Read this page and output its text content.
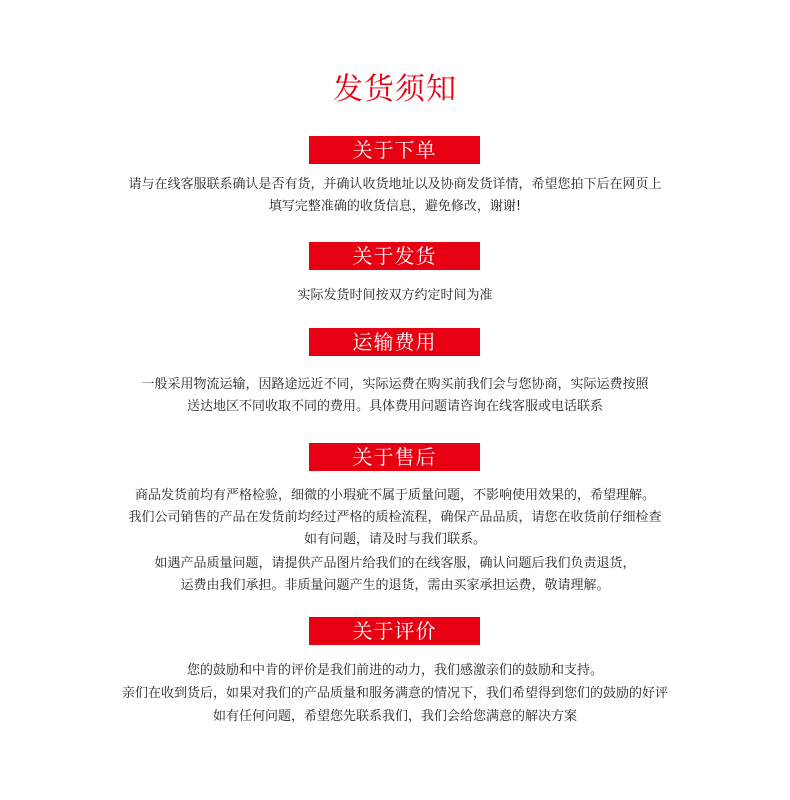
发货须知
关于下单
请与在线客服联系确认是否有货，并确认收货地址以及协商发货详情，希望您拍下后在网页上
填写完整准确的收货信息，避免修改，谢谢!
关于发货
实际发货时间按双方约定时间为准
运输费用
一般采用物流运输，因路途远近不同，实际运费在购买前我们会与您协商，实际运费按照
送达地区不同收取不同的费用。具体费用问题请咨询在线客服或电话联系
关于售后
商品发货前均有严格检验，细微的小瑕疵不属于质量问题，不影响使用效果的，希望理解。
我们公司销售的产品在发货前均经过严格的质检流程，确保产品品质，请您在收货前仔细检查
如有问题，请及时与我们联系。
如遇产品质量问题，请提供产品图片给我们的在线客服，确认问题后我们负责退货，
运费由我们承担。非质量问题产生的退货，需由买家承担运费，敬请理解。
关于评价
您的鼓励和中肯的评价是我们前进的动力，我们感激亲们的鼓励和支持。
亲们在收到货后，如果对我们的产品质量和服务满意的情况下，我们希望得到您们的鼓励的好评
如有任何问题，希望您先联系我们，我们会给您满意的解决方案
